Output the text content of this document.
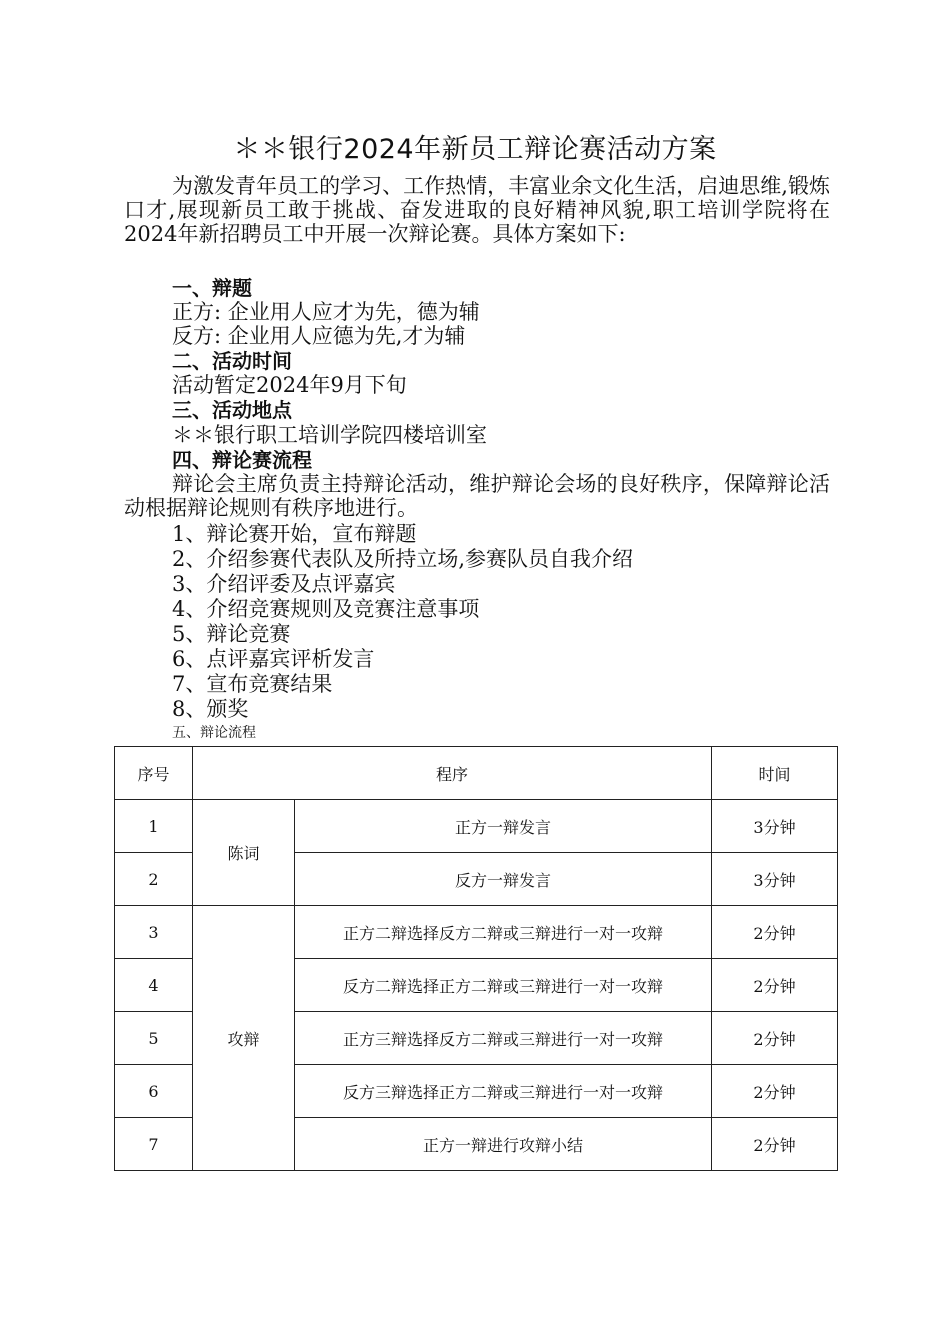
＊＊银行2024年新员工辩论赛活动方案
为激发青年员工的学习、工作热情，丰富业余文化生活，启迪思维,锻炼口才,展现新员工敢于挑战、奋发进取的良好精神风貌,职工培训学院将在2024年新招聘员工中开展一次辩论赛。具体方案如下:
一、辩题
正方: 企业用人应才为先，德为辅
反方: 企业用人应德为先,才为辅
二、活动时间
活动暂定2024年9月下旬
三、活动地点
＊＊银行职工培训学院四楼培训室
四、辩论赛流程
辩论会主席负责主持辩论活动，维护辩论会场的良好秩序，保障辩论活动根据辩论规则有秩序地进行。
1、辩论赛开始，宣布辩题
2、介绍参赛代表队及所持立场,参赛队员自我介绍
3、介绍评委及点评嘉宾
4、介绍竞赛规则及竞赛注意事项
5、辩论竞赛
6、点评嘉宾评析发言
7、宣布竞赛结果
8、颁奖
五、辩论流程
序号	程序		时间
1	陈词	正方一辩发言	3分钟
2		反方一辩发言	3分钟
3	攻辩	正方二辩选择反方二辩或三辩进行一对一攻辩	2分钟
4		反方二辩选择正方二辩或三辩进行一对一攻辩	2分钟
5		正方三辩选择反方二辩或三辩进行一对一攻辩	2分钟
6		反方三辩选择正方二辩或三辩进行一对一攻辩	2分钟
7		正方一辩进行攻辩小结	2分钟
